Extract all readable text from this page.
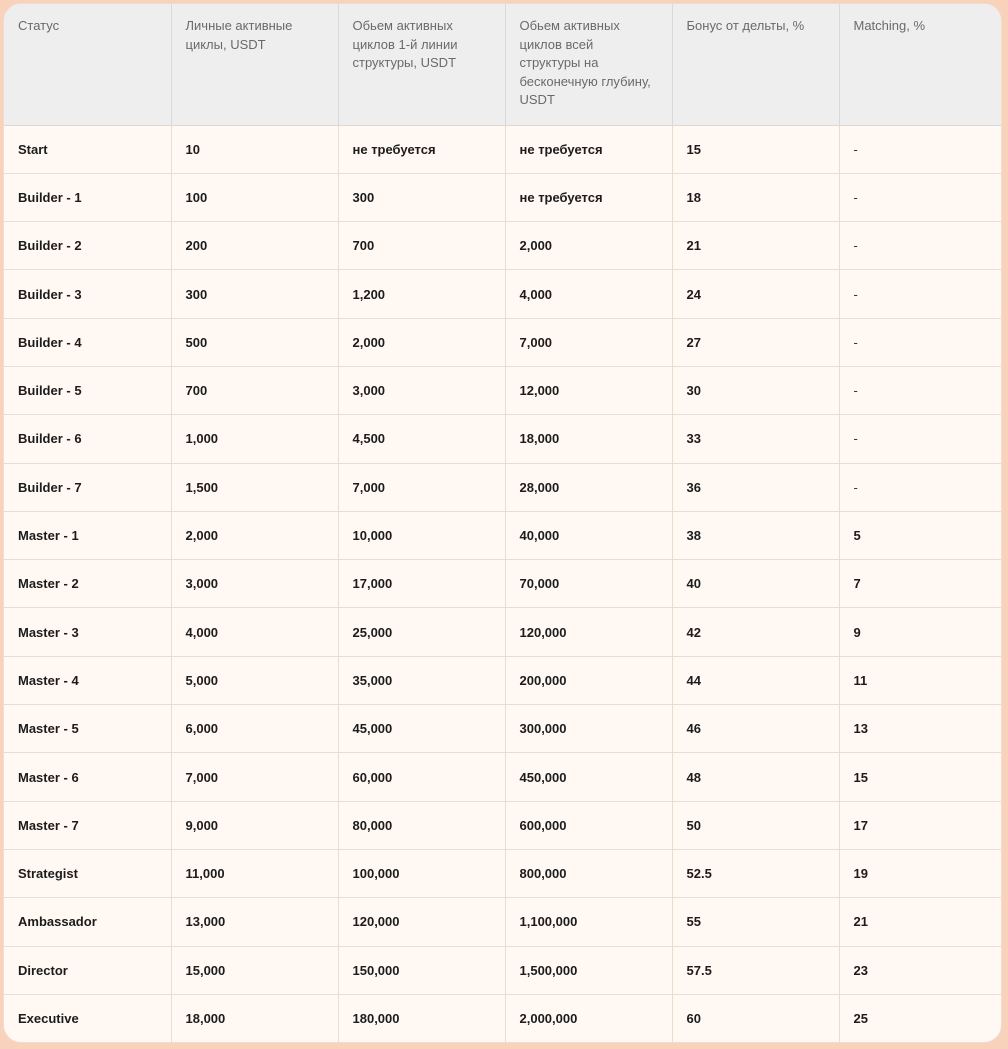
Статус	Личные активные циклы, USDT	Обьем активных циклов 1-й линии структуры, USDT	Обьем активных циклов всей структуры на бесконечную глубину, USDT	Бонус от дельты, %	Matching, %
Start	10	не требуется	не требуется	15	-
Builder - 1	100	300	не требуется	18	-
Builder - 2	200	700	2,000	21	-
Builder - 3	300	1,200	4,000	24	-
Builder - 4	500	2,000	7,000	27	-
Builder - 5	700	3,000	12,000	30	-
Builder - 6	1,000	4,500	18,000	33	-
Builder - 7	1,500	7,000	28,000	36	-
Master - 1	2,000	10,000	40,000	38	5
Master - 2	3,000	17,000	70,000	40	7
Master - 3	4,000	25,000	120,000	42	9
Master - 4	5,000	35,000	200,000	44	11
Master - 5	6,000	45,000	300,000	46	13
Master - 6	7,000	60,000	450,000	48	15
Master - 7	9,000	80,000	600,000	50	17
Strategist	11,000	100,000	800,000	52.5	19
Ambassador	13,000	120,000	1,100,000	55	21
Director	15,000	150,000	1,500,000	57.5	23
Executive	18,000	180,000	2,000,000	60	25
